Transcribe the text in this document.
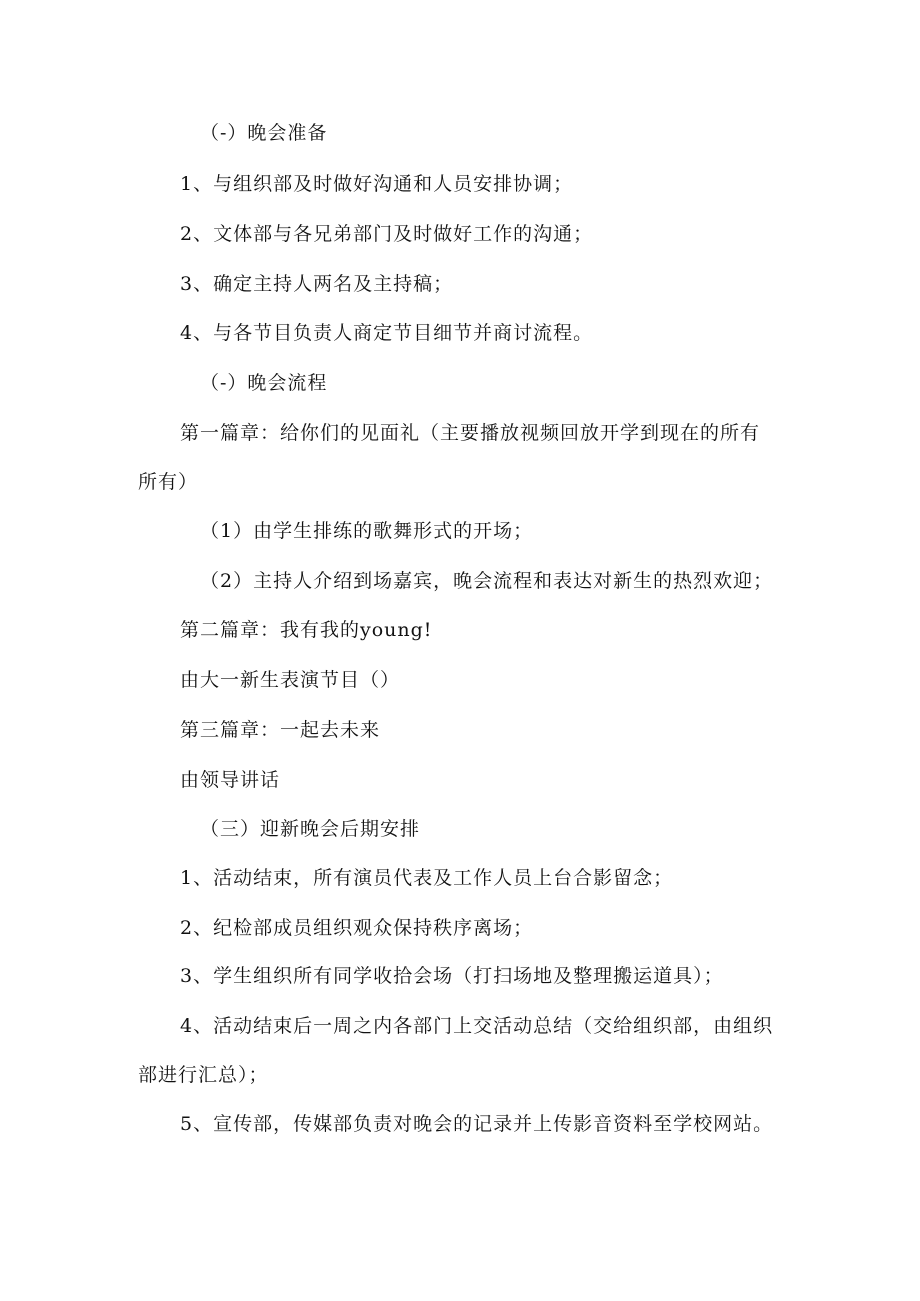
（-）晚会准备
1、与组织部及时做好沟通和人员安排协调；
2、文体部与各兄弟部门及时做好工作的沟通；
3、确定主持人两名及主持稿；
4、与各节目负责人商定节目细节并商讨流程。
（-）晚会流程
第一篇章：给你们的见面礼（主要播放视频回放开学到现在的所有
所有）
（1）由学生排练的歌舞形式的开场；
（2）主持人介绍到场嘉宾，晚会流程和表达对新生的热烈欢迎；
第二篇章：我有我的young!
由大一新生表演节目（）
第三篇章：一起去未来
由领导讲话
（三）迎新晚会后期安排
1、活动结束，所有演员代表及工作人员上台合影留念；
2、纪检部成员组织观众保持秩序离场；
3、学生组织所有同学收拾会场（打扫场地及整理搬运道具）；
4、活动结束后一周之内各部门上交活动总结（交给组织部，由组织
部进行汇总）；
5、宣传部，传媒部负责对晚会的记录并上传影音资料至学校网站。
